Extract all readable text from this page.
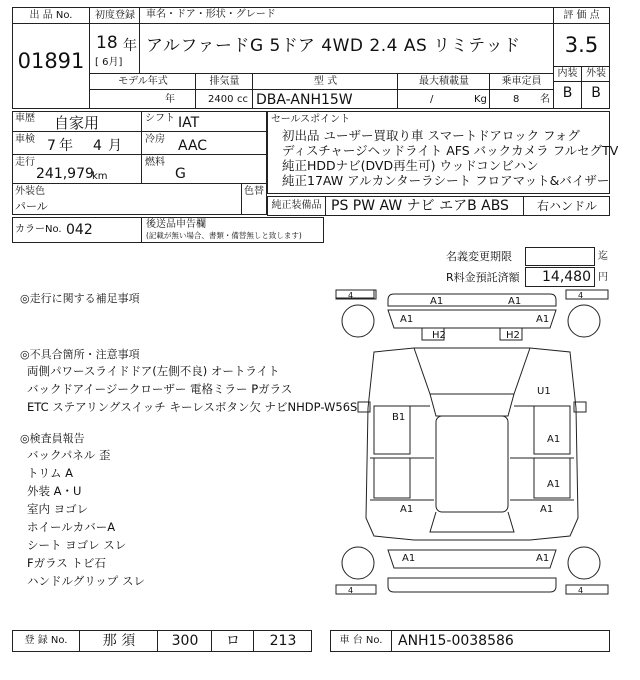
出 品 No.
01891
初度登録
18 年
[ 6月]
車名・ドア・形状・グレード
アルファードG 5ドア 4WD 2.4 AS リミテッド
評 価 点
3.5
内装 外装
B	B
モデル年式	排気量	型 式	最大積載量	乗車定員
年	2400 cc DBA-ANH15W	/	Kg	8 名
車歴 自家用	シフト IAT
車検 7 年 4 月 冷房 AAC
走行
241,979
km
燃料
G
外装色
パール
色替
カラーNo. 042	後送品申告欄
(記載が無い場合、書類・備替無しと致します)
セールスポイント
初出品 ユーザー買取り車 スマートドアロック フォグ
ディスチャージヘッドライト AFS バックカメラ フルセグTV
純正HDDナビ(DVD再生可) ウッドコンビハン
純正17AW アルカンターラシート フロアマット&バイザー
純正装備品 PS PW AW ナビ エアB ABS	右ハンドル
名義変更期限	迄
R料金預託済額	14,480 円
◎走行に関する補足事項
◎不具合箇所・注意事項
両側パワースライドドア(左側不良) オートライト
バックドアイージークローザー 電格ミラー Pガラス
ETC ステアリングスイッチ キーレスボタン欠 ナビNHDP-W56S
◎検査員報告
バックパネル 歪
トリム A
外装 A・U
室内 ヨゴレ
ホイールカバーA
シート ヨゴレ スレ
Fガラス トビ石
ハンドルグリップ スレ
4	4
4	4
A1	A1
A1	A1
H2	H2
U1
B1
A1
A1
A1	A1
A1	A1
登 録 No.	那 須	300	ロ	213	車 台 No.	ANH15-0038586
